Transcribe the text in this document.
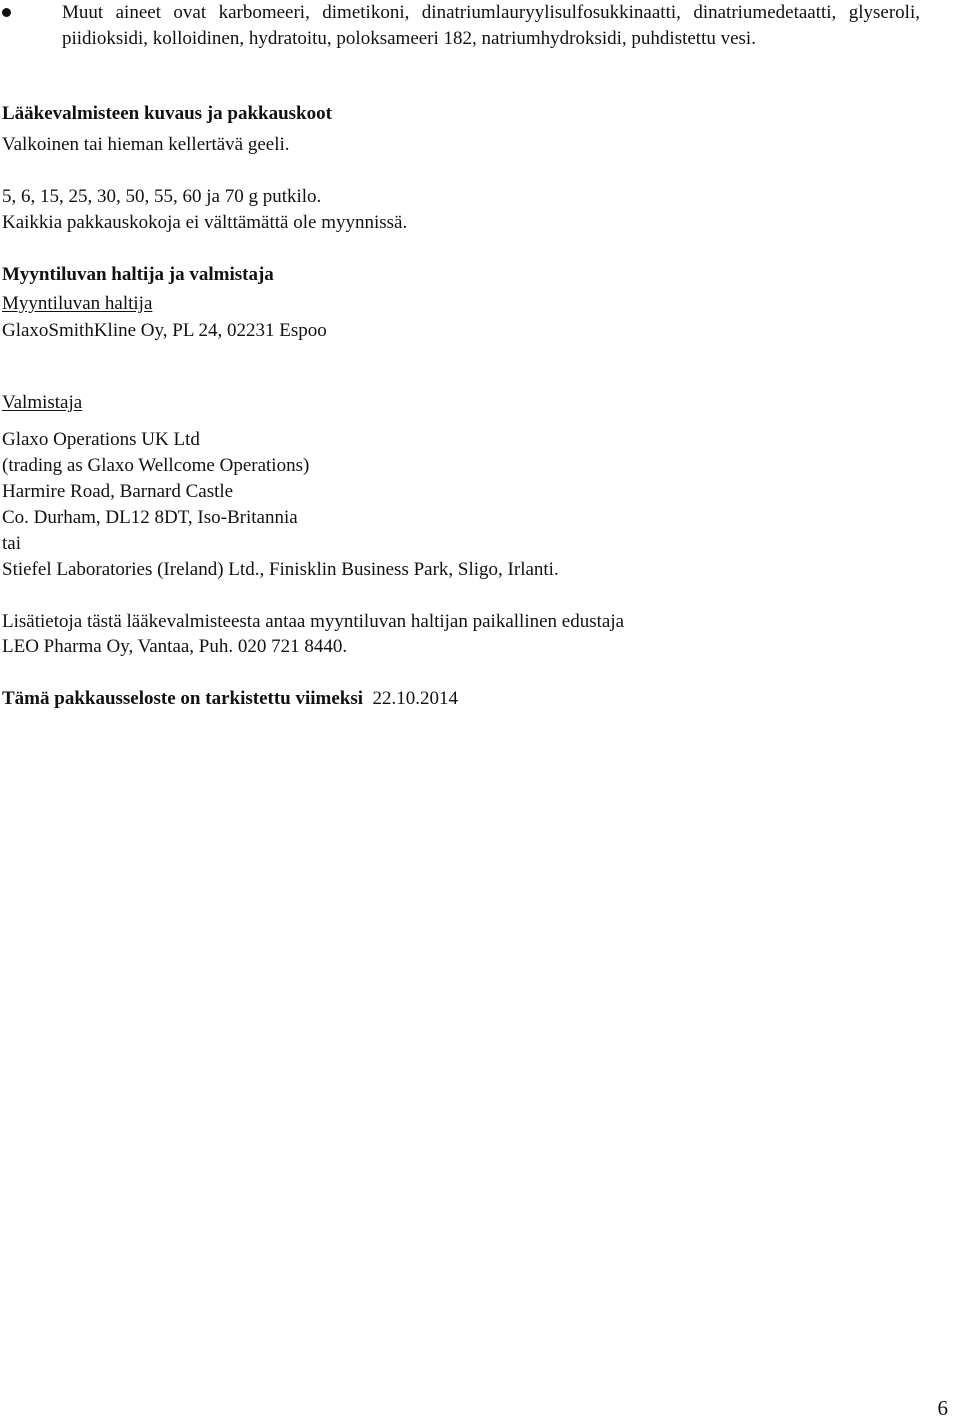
Muut aineet ovat karbomeeri, dimetikoni, dinatriumlauryylisulfosukkinaatti, dinatriumedetaatti, glyseroli, piidioksidi, kolloidinen, hydratoitu, poloksameeri 182, natriumhydroksidi, puhdistettu vesi.
Lääkevalmisteen kuvaus ja pakkauskoot
Valkoinen tai hieman kellertävä geeli.
5, 6, 15, 25, 30, 50, 55, 60 ja 70 g putkilo.
Kaikkia pakkauskokoja ei välttämättä ole myynnissä.
Myyntiluvan haltija ja valmistaja
Myyntiluvan haltija
GlaxoSmithKline Oy, PL 24, 02231 Espoo
Valmistaja
Glaxo Operations UK Ltd
(trading as Glaxo Wellcome Operations)
Harmire Road, Barnard Castle
Co. Durham, DL12 8DT, Iso-Britannia
tai
Stiefel Laboratories (Ireland) Ltd., Finisklin Business Park, Sligo, Irlanti.
Lisätietoja tästä lääkevalmisteesta antaa myyntiluvan haltijan paikallinen edustaja
LEO Pharma Oy, Vantaa, Puh. 020 721 8440.
Tämä pakkausseloste on tarkistettu viimeksi 22.10.2014
6
